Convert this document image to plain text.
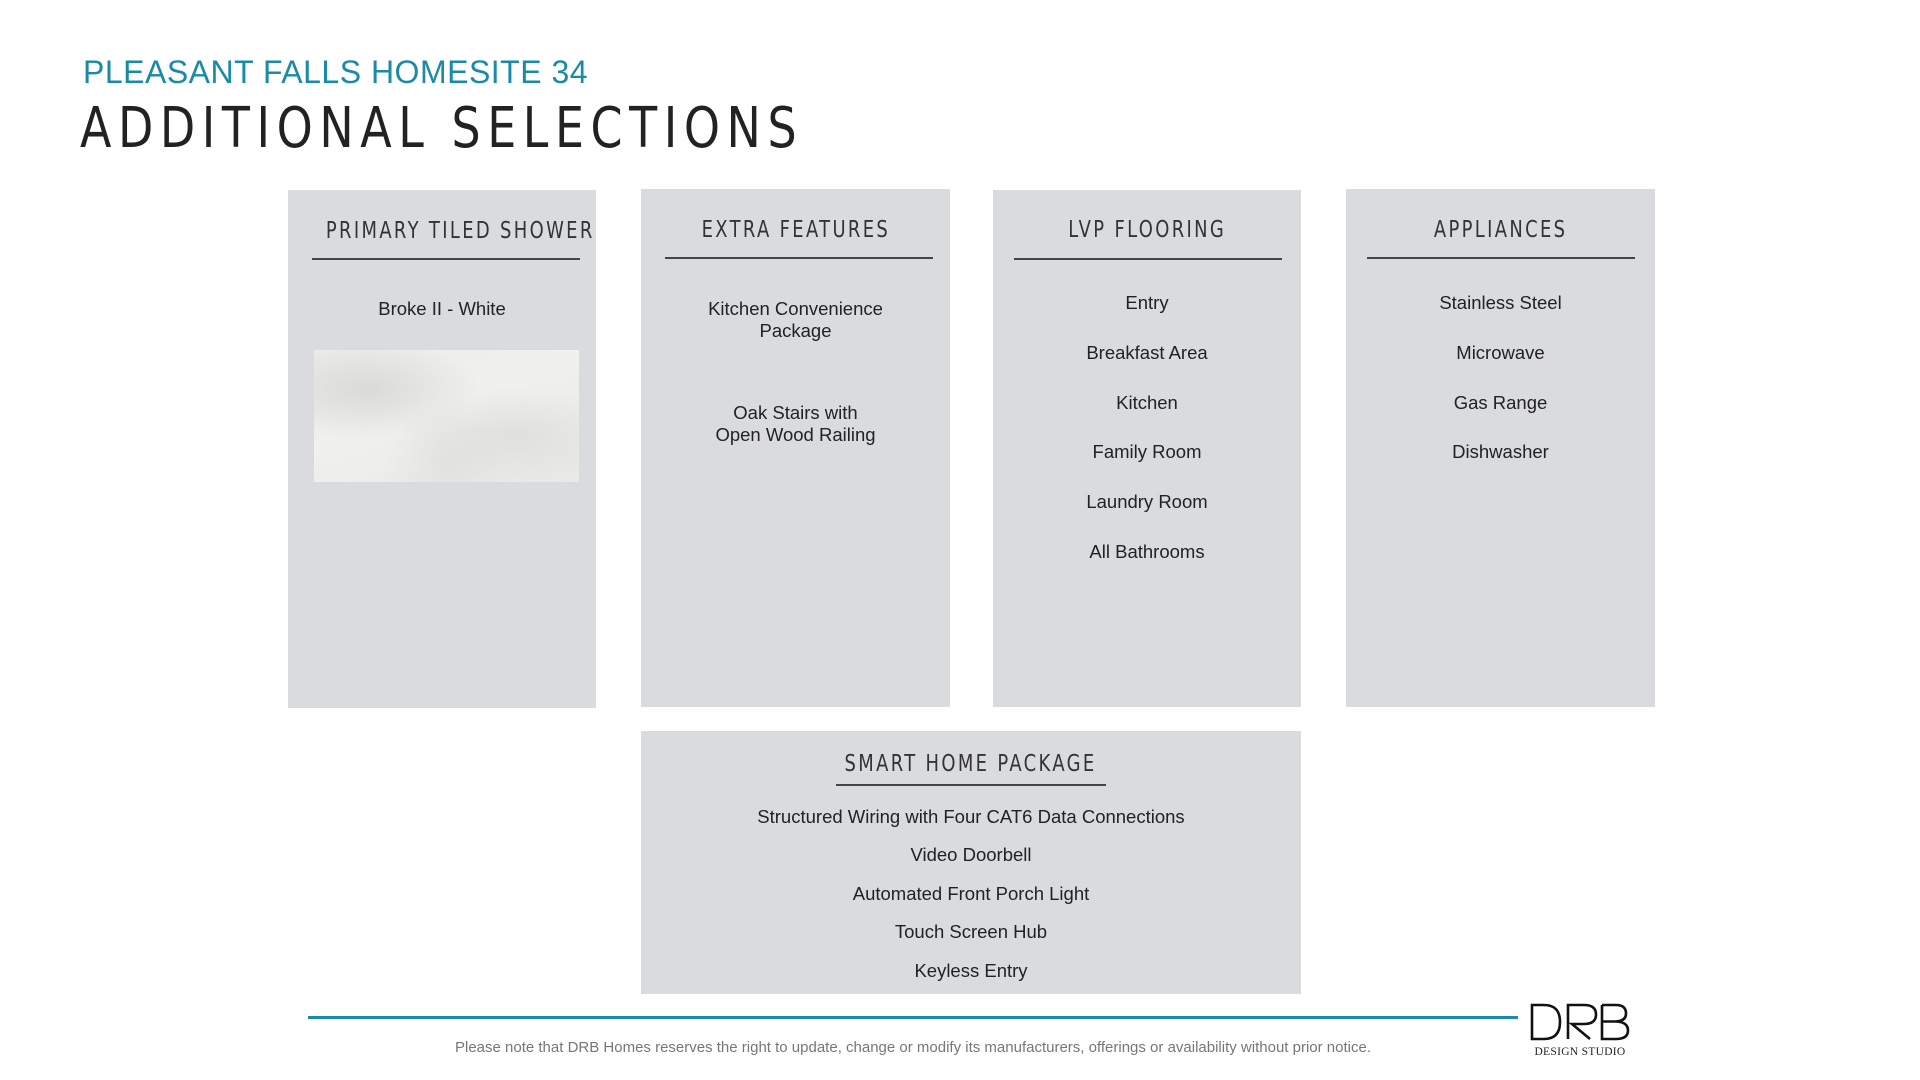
PLEASANT FALLS HOMESITE 34
ADDITIONAL SELECTIONS
PRIMARY TILED SHOWER
Broke II - White
EXTRA FEATURES
Kitchen Convenience
Package
Oak Stairs with
Open Wood Railing
LVP FLOORING
Entry
Breakfast Area
Kitchen
Family Room
Laundry Room
All Bathrooms
APPLIANCES
Stainless Steel
Microwave
Gas Range
Dishwasher
SMART HOME PACKAGE
Structured Wiring with Four CAT6 Data Connections
Video Doorbell
Automated Front Porch Light
Touch Screen Hub
Keyless Entry
Please note that DRB Homes reserves the right to update, change or modify its manufacturers, offerings or availability without prior notice.	DESIGN STUDIO
